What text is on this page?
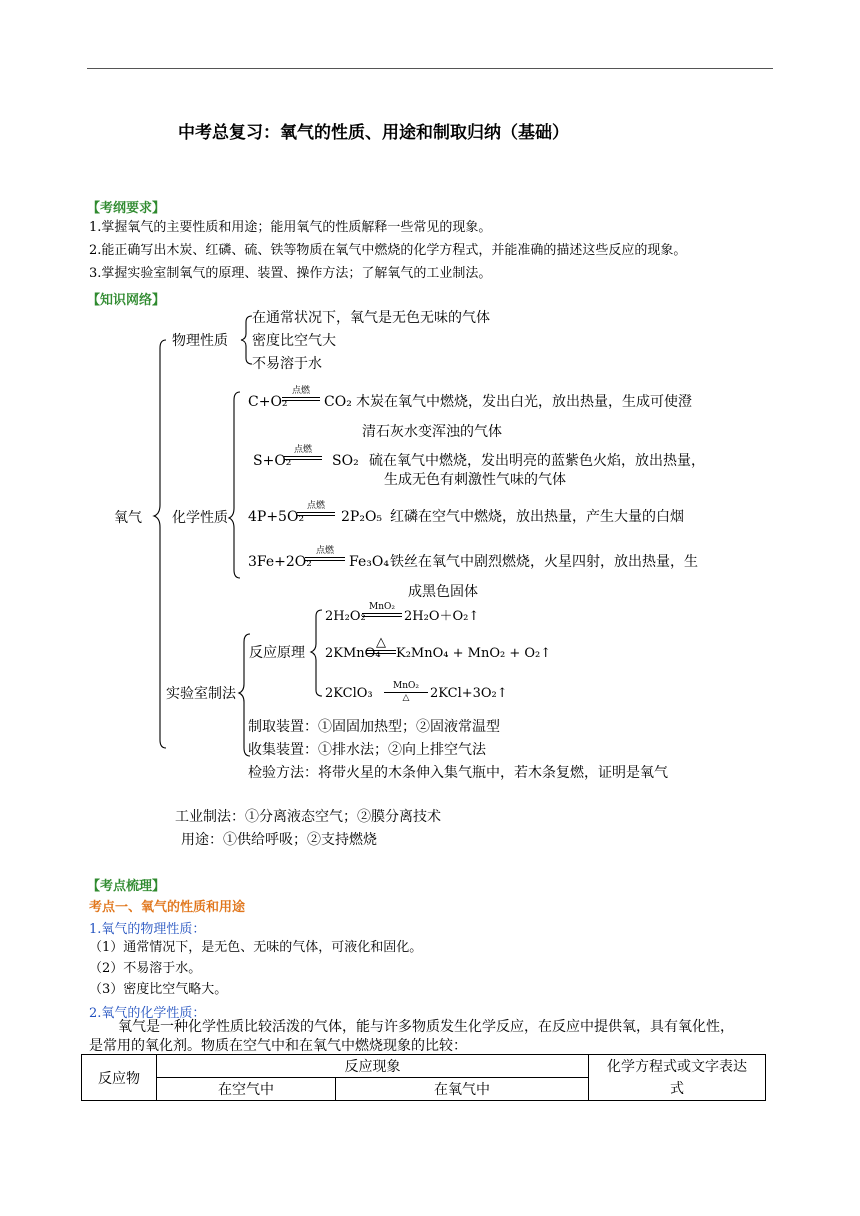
中考总复习：氧气的性质、用途和制取归纳（基础）
【考纲要求】
1.掌握氧气的主要性质和用途；能用氧气的性质解释一些常见的现象。
2.能正确写出木炭、红磷、硫、铁等物质在氧气中燃烧的化学方程式，并能准确的描述这些反应的现象。
3.掌握实验室制氧气的原理、装置、操作方法；了解氧气的工业制法。
【知识网络】
氧气
物理性质
在通常状况下，氧气是无色无味的气体
密度比空气大
不易溶于水
化学性质
C+O₂
点燃
CO₂ 木炭在氧气中燃烧，发出白光，放出热量，生成可使澄
清石灰水变浑浊的气体
S+O₂
点燃
SO₂ 硫在氧气中燃烧，发出明亮的蓝紫色火焰，放出热量，
生成无色有刺激性气味的气体
4P+5O₂
点燃
2P₂O₅ 红磷在空气中燃烧，放出热量，产生大量的白烟
3Fe+2O₂
点燃
Fe₃O₄ 铁丝在氧气中剧烈燃烧，火星四射，放出热量，生
成黑色固体
实验室制法
反应原理
2H₂O₂
MnO₂
2H₂O＋O₂↑
2KMnO₄
△
K₂MnO₄ + MnO₂ + O₂↑
2KClO₃	MnO₂
△	2KCl+3O₂↑
制取装置：①固固加热型；②固液常温型
收集装置：①排水法；②向上排空气法
检验方法：将带火星的木条伸入集气瓶中，若木条复燃，证明是氧气
工业制法：①分离液态空气；②膜分离技术
用途：①供给呼吸；②支持燃烧
【考点梳理】
考点一、氧气的性质和用途
1.氧气的物理性质：
（1）通常情况下，是无色、无味的气体，可液化和固化。
（2）不易溶于水。
（3）密度比空气略大。
2.氧气的化学性质：
氧气是一种化学性质比较活泼的气体，能与许多物质发生化学反应，在反应中提供氧，具有氧化性，
是常用的氧化剂。物质在空气中和在氧气中燃烧现象的比较：
反应物	反应现象		化学方程式或文字表达
式
	在空气中	在氧气中	
